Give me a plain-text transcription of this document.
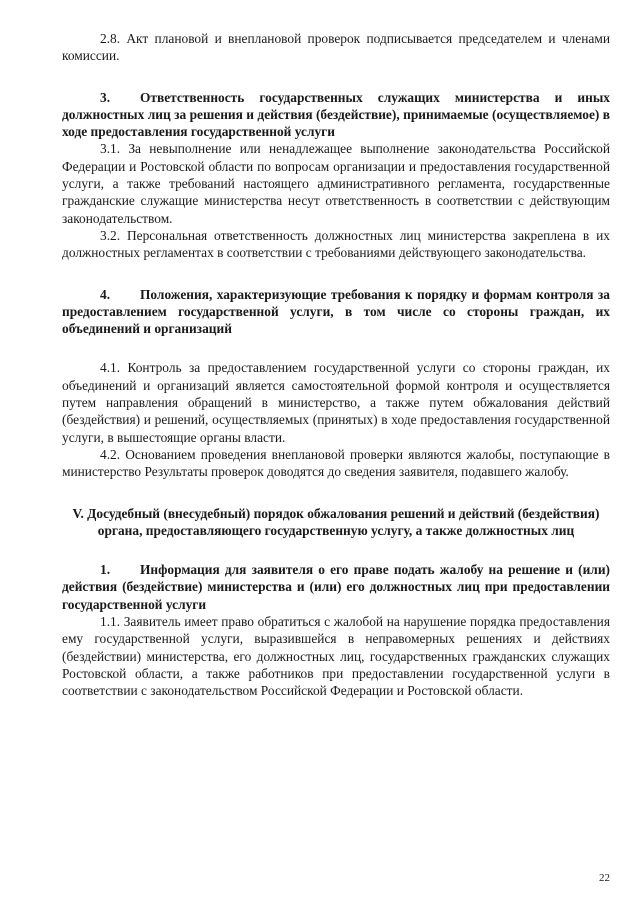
2.8. Акт плановой и внеплановой проверок подписывается председателем и членами комиссии.

3. Ответственность государственных служащих министерства и иных должностных лиц за решения и действия (бездействие), принимаемые (осуществляемое) в ходе предоставления государственной услуги

3.1. За невыполнение или ненадлежащее выполнение законодательства Российской Федерации и Ростовской области по вопросам организации и предоставления государственной услуги, а также требований настоящего административного регламента, государственные гражданские служащие министерства несут ответственность в соответствии с действующим законодательством.

3.2. Персональная ответственность должностных лиц министерства закреплена в их должностных регламентах в соответствии с требованиями действующего законодательства.

4. Положения, характеризующие требования к порядку и формам контроля за предоставлением государственной услуги, в том числе со стороны граждан, их объединений и организаций

4.1. Контроль за предоставлением государственной услуги со стороны граждан, их объединений и организаций является самостоятельной формой контроля и осуществляется путем направления обращений в министерство, а также путем обжалования действий (бездействия) и решений, осуществляемых (принятых) в ходе предоставления государственной услуги, в вышестоящие органы власти.

4.2. Основанием проведения внеплановой проверки являются жалобы, поступающие в министерство Результаты проверок доводятся до сведения заявителя, подавшего жалобу.

V. Досудебный (внесудебный) порядок обжалования решений и действий (бездействия) органа, предоставляющего государственную услугу, а также должностных лиц

1. Информация для заявителя о его праве подать жалобу на решение и (или) действия (бездействие) министерства и (или) его должностных лиц при предоставлении государственной услуги

1.1. Заявитель имеет право обратиться с жалобой на нарушение порядка предоставления ему государственной услуги, выразившейся в неправомерных решениях и действиях (бездействии) министерства, его должностных лиц, государственных гражданских служащих Ростовской области, а также работников при предоставлении государственной услуги в соответствии с законодательством Российской Федерации и Ростовской области.

22
